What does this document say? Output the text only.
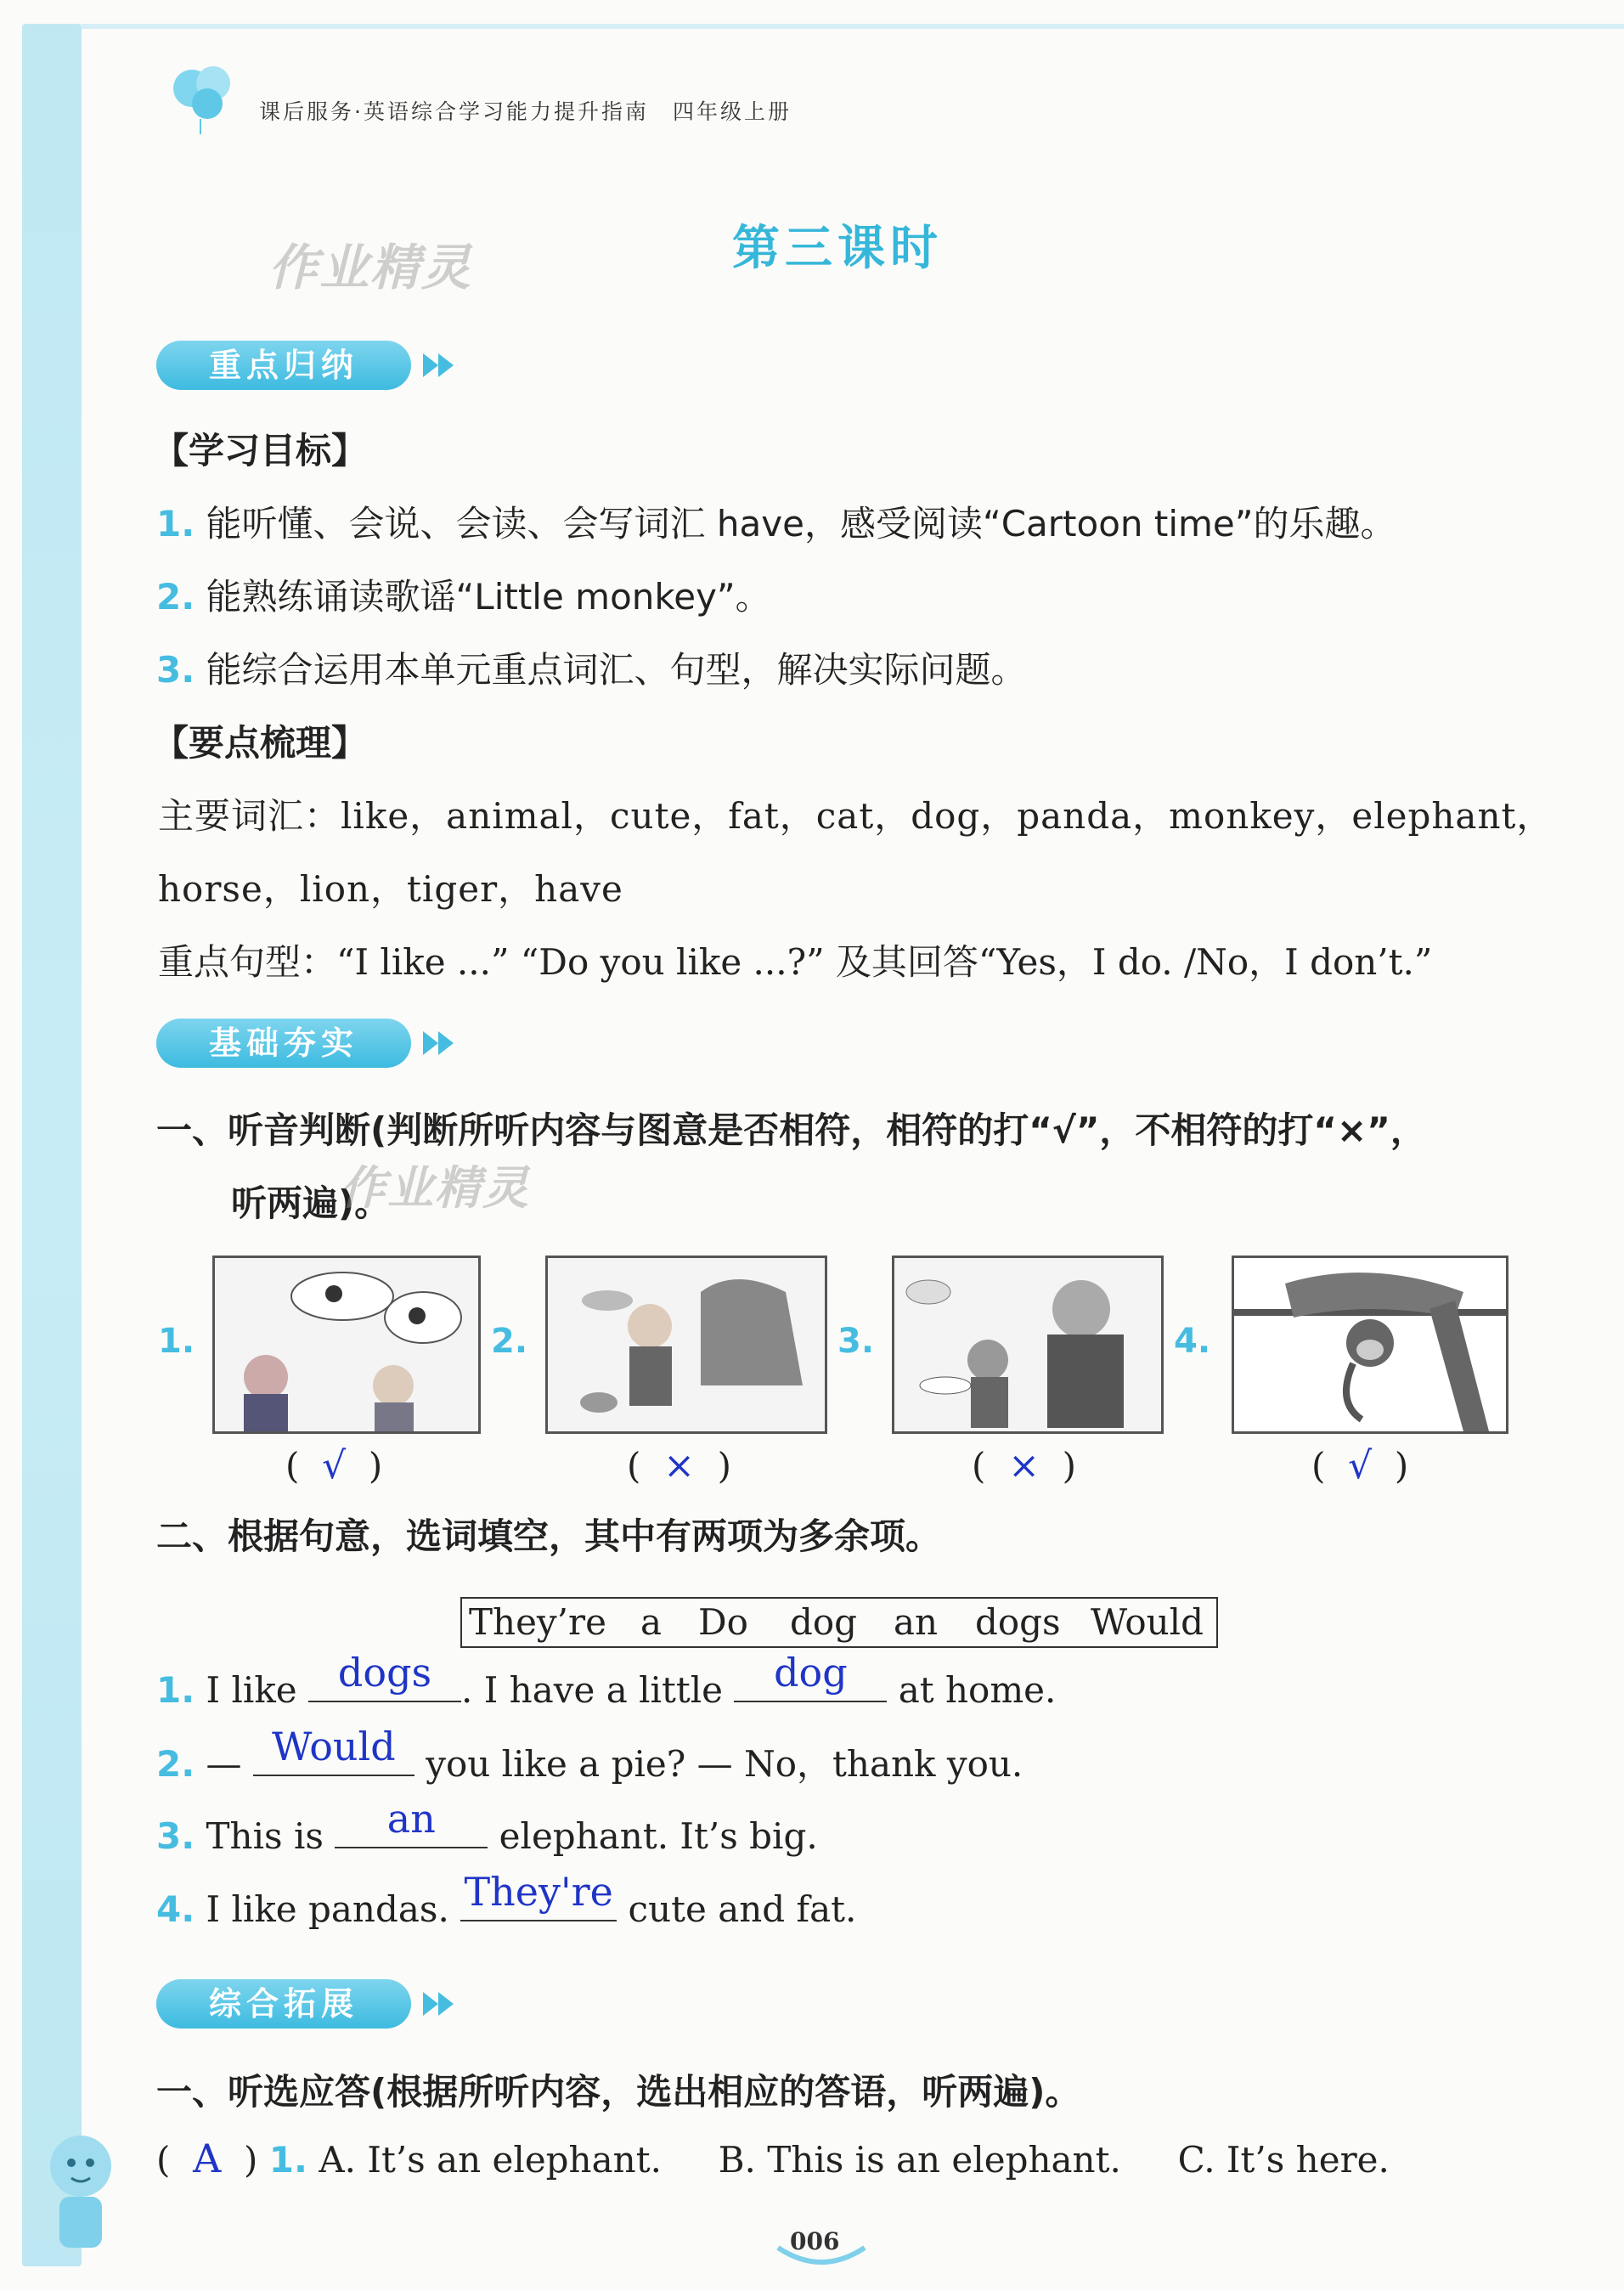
课后服务·英语综合学习能力提升指南　四年级上册
作业精灵	第三课时
重点归纳
【学习目标】
1. 能听懂、会说、会读、会写词汇 have，感受阅读“Cartoon time”的乐趣。
2. 能熟练诵读歌谣“Little monkey”。
3. 能综合运用本单元重点词汇、句型，解决实际问题。
【要点梳理】
主要词汇：like，animal，cute，fat，cat，dog，panda，monkey，elephant，
horse，lion，tiger，have
重点句型：“I like ...” “Do you like ...?” 及其回答“Yes，I do. /No，I don’t.”
基础夯实
一、听音判断(判断所听内容与图意是否相符，相符的打“√”，不相符的打“×”，
听两遍)。
作业精灵
1.	2.	3.	4.
( √ )	( × )	( × )	( √ )
二、根据句意，选词填空，其中有两项为多余项。
They’re a Do dog an dogs Would
1. I like	dogs . I have a little	dog	at home.
2. — Would you like a pie? — No，thank you.
3. This is	an	elephant. It’s big.
4. I like pandas. They're cute and fat.
综合拓展
一、听选应答(根据所听内容，选出相应的答语，听两遍)。
( A ) 1. A. It’s an elephant. B. This is an elephant. C. It’s here.
006
